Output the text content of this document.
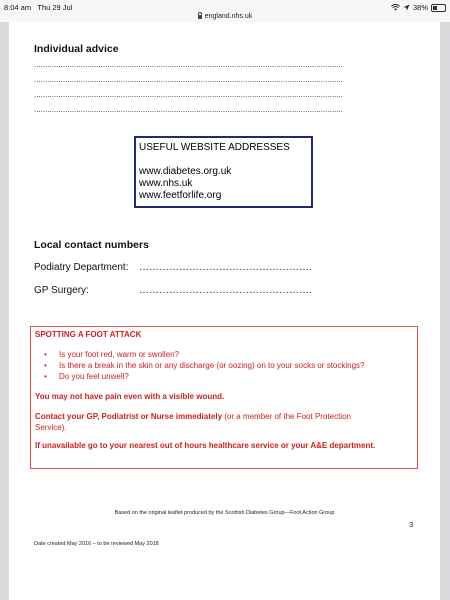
8:04 am Thu 29 Jul
england.nhs.uk
38%
Individual advice
...........................................................................................................................................
...........................................................................................................................................
...........................................................................................................................................
...........................................................................................................................................
USEFUL WEBSITE ADDRESSES
www.diabetes.org.uk
www.nhs.uk
www.feetforlife.org
Local contact numbers
Podiatry Department: …………………………………………….
GP Surgery:	…………………………………………….
SPOTTING A FOOT ATTACK
• Is your foot red, warm or swollen?
• Is there a break in the skin or any discharge (or oozing) on to your socks or stockings?
• Do you feel unwell?
You may not have pain even with a visible wound.
Contact your GP, Podiatrist or Nurse immediately (or a member of the Foot Protection
Service).
If unavailable go to your nearest out of hours healthcare service or your A&E department.
Based on the original leaflet produced by the Scottish Diabetes Group—Foot Action Group
3
Date created May 2016 – to be reviewed May 2018
